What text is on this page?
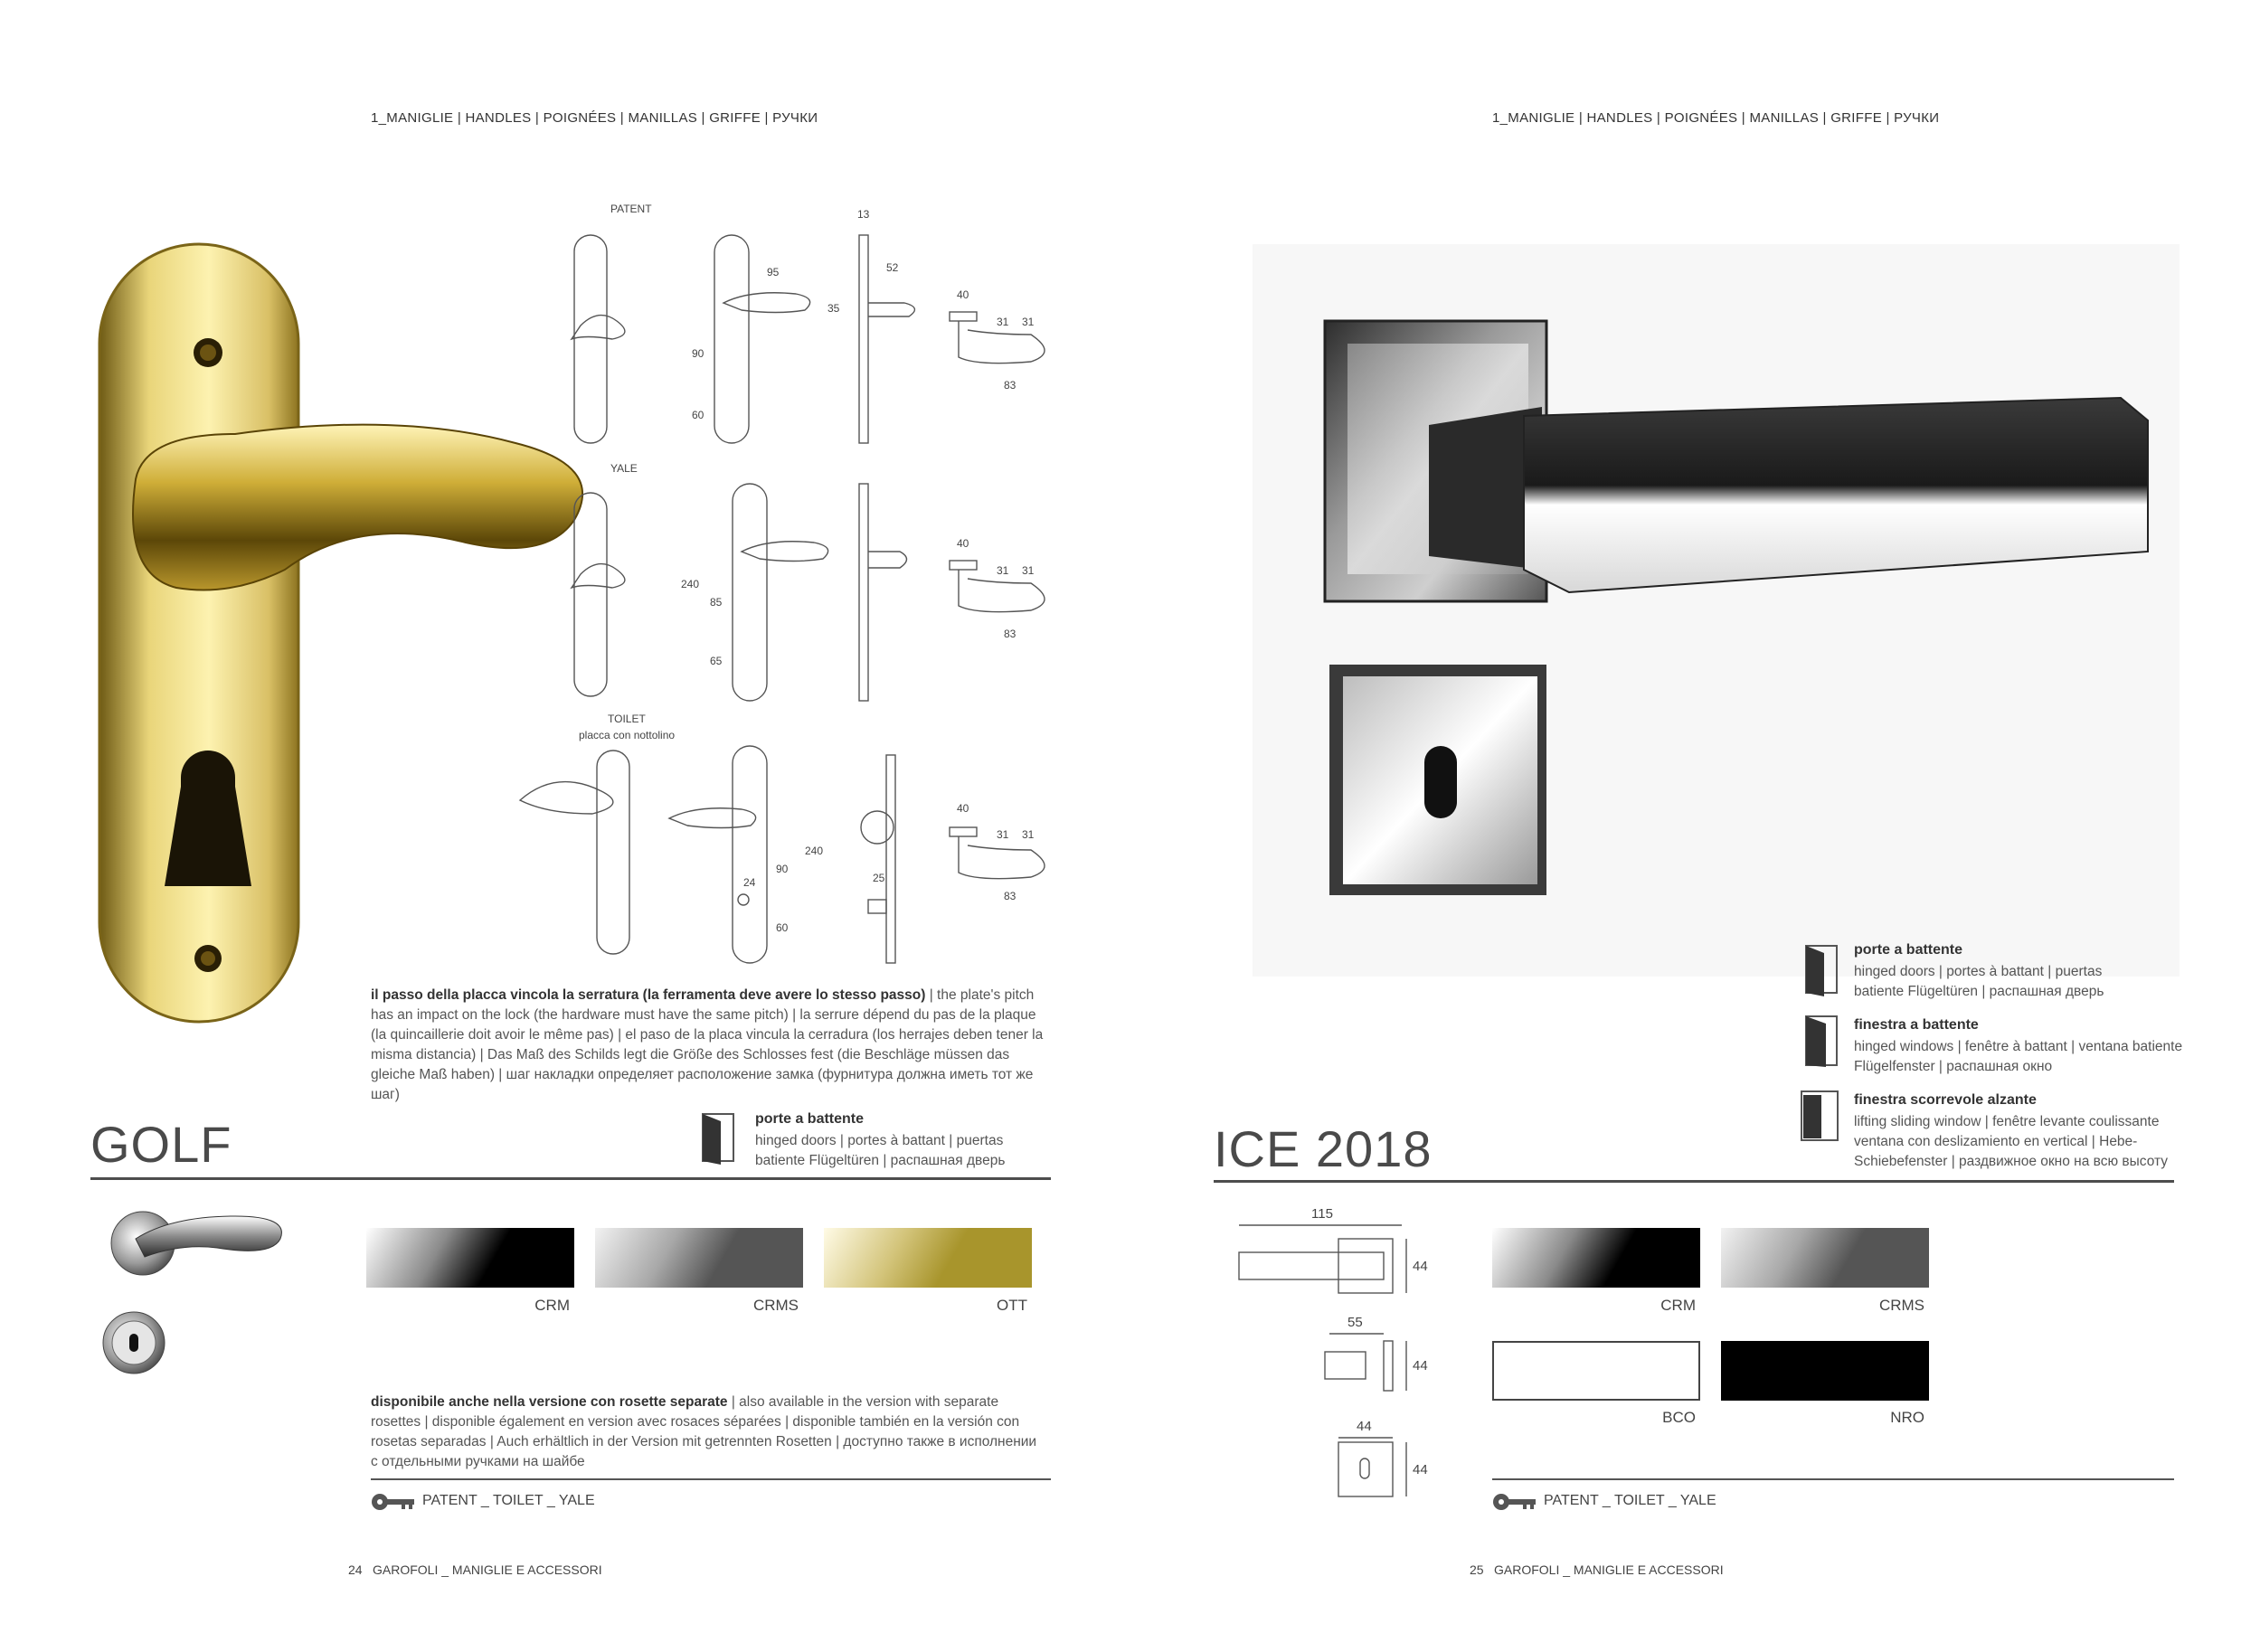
1_MANIGLIE | HANDLES | POIGNÉES | MANILLAS | GRIFFE | РУЧКИ
PATENT
YALE
TOILET
placca con nottolino
13
52
95
35
90
60
40
31 31
83
240
85
65
40
31 31
83
240
90
24
60
25
40
31 31
83
il passo della placca vincola la serratura (la ferramenta deve avere lo stesso passo) | the plate's pitch has an impact on the lock (the hardware must have the same pitch) | la serrure dépend du pas de la plaque (la quincaillerie doit avoir le même pas) | el paso de la placa vincula la cerradura (los herrajes deben tener la misma distancia) | Das Maß des Schilds legt die Größe des Schlosses fest (die Beschläge müssen das gleiche Maß haben) | шаг накладки определяет расположение замка (фурнитура должна иметь тот же шаг)
GOLF	porte a battente
hinged doors | portes à battant | puertas
batiente Flügeltüren | распашная дверь
CRM	CRMS	OTT
disponibile anche nella versione con rosette separate | also available in the version with separate rosettes | disponible également en version avec rosaces séparées | disponible también en la versión con rosetas separadas | Auch erhältlich in der Version mit getrennten Rosetten | доступно также в исполнении с отдельными ручками на шайбе
PATENT _ TOILET _ YALE
24 GAROFOLI _ MANIGLIE E ACCESSORI
1_MANIGLIE | HANDLES | POIGNÉES | MANILLAS | GRIFFE | РУЧКИ
porte a battente
hinged doors | portes à battant | puertas
batiente Flügeltüren | распашная дверь
finestra a battente
hinged windows | fenêtre à battant | ventana batiente
Flügelfenster | распашная окно
finestra scorrevole alzante
lifting sliding window | fenêtre levante coulissante
ventana con deslizamiento en vertical | Hebe-
Schiebefenster | раздвижное окно на всю высоту
ICE 2018
115
44
55
44
44
44
CRM	CRMS
BCO	NRO
PATENT _ TOILET _ YALE
25 GAROFOLI _ MANIGLIE E ACCESSORI
